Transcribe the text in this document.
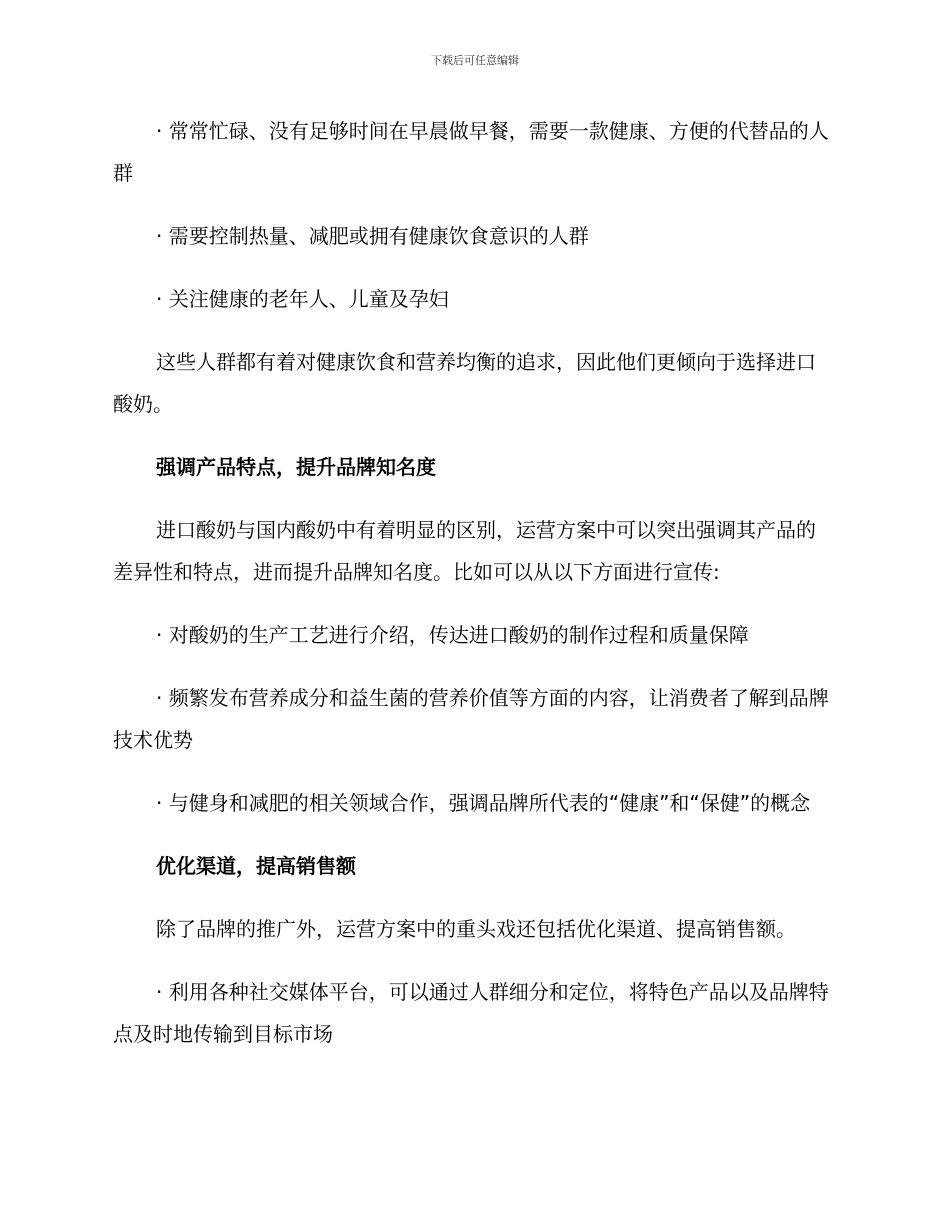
下载后可任意编辑

· 常常忙碌、没有足够时间在早晨做早餐，需要一款健康、方便的代替品的人群

· 需要控制热量、减肥或拥有健康饮食意识的人群

· 关注健康的老年人、儿童及孕妇

这些人群都有着对健康饮食和营养均衡的追求，因此他们更倾向于选择进口酸奶。

强调产品特点，提升品牌知名度

进口酸奶与国内酸奶中有着明显的区别，运营方案中可以突出强调其产品的差异性和特点，进而提升品牌知名度。比如可以从以下方面进行宣传:

· 对酸奶的生产工艺进行介绍，传达进口酸奶的制作过程和质量保障

· 频繁发布营养成分和益生菌的营养价值等方面的内容，让消费者了解到品牌技术优势

· 与健身和减肥的相关领域合作，强调品牌所代表的“健康”和“保健”的概念

优化渠道，提高销售额

除了品牌的推广外，运营方案中的重头戏还包括优化渠道、提高销售额。

· 利用各种社交媒体平台，可以通过人群细分和定位，将特色产品以及品牌特点及时地传输到目标市场
